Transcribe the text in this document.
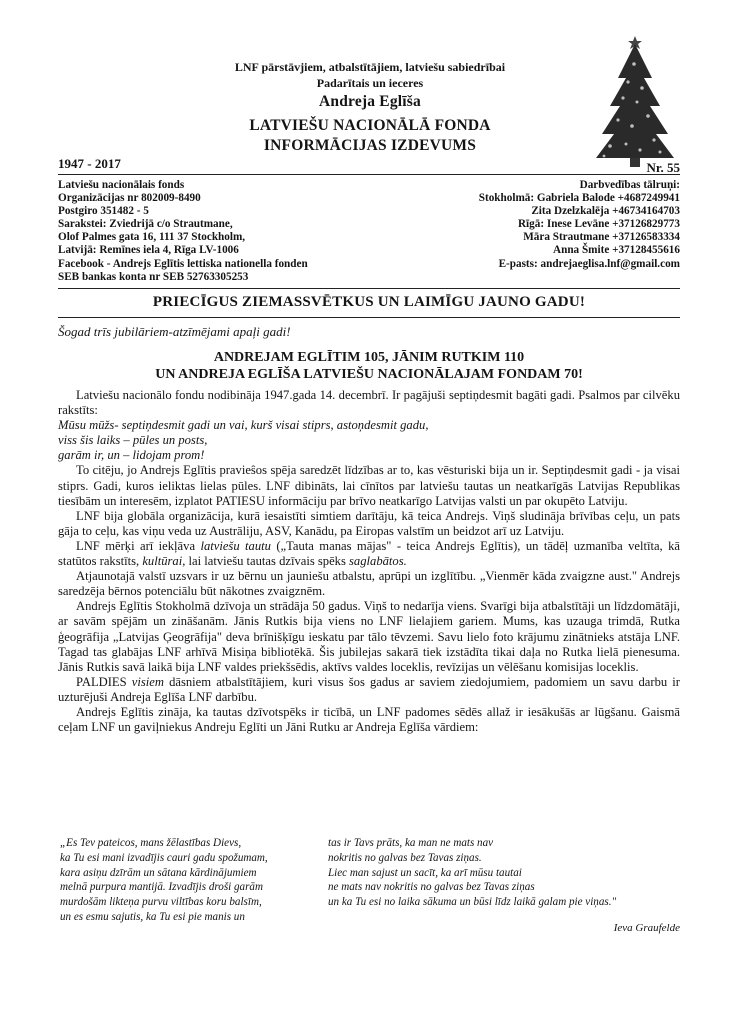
LNF pārstāvjiem, atbalstītājiem, latviešu sabiedrībai
Padarītais un ieceres
Andreja Eglīša
LATVIEŠU NACIONĀLĀ FONDA
INFORMĀCIJAS IZDEVUMS
1947 - 2017	Nr. 55
Latviešu nacionālais fonds
Organizācijas nr 802009-8490
Postgiro 351482 - 5
Sarakstei: Zviedrijā c/o Strautmane,
Olof Palmes gata 16, 111 37 Stockholm,
Latvijā: Remīnes iela 4, Rīga LV-1006
Facebook - Andrejs Eglītis lettiska nationella fonden
SEB bankas konta nr SEB 52763305253
Darbvedības tālruņi:
Stokholmā: Gabriela Balode +4687249941
Zita Dzelzkalēja +46734164703
Rīgā: Inese Levāne +37126829773
Māra Strautmane +37126583334
Anna Šmite +37128455616
E-pasts: andrejaeglisa.lnf@gmail.com
PRIECĪGUS ZIEMASSVĒTKUS UN LAIMĪGU JAUNO GADU!
Šogad trīs jubilāriem-atzīmējami apaļi gadi!
ANDREJAM EGLĪTIM 105, JĀNIM RUTKIM 110
UN ANDREJA EGLĪŠA LATVIEŠU NACIONĀLAJAM FONDAM 70!

Latviešu nacionālo fondu nodibināja 1947.gada 14. decembrī. Ir pagājuši septiņdesmit bagāti gadi. Psalmos par cilvēku rakstīts:

Mūsu mūžs- septiņdesmit gadi un vai, kurš visai stiprs, astoņdesmit gadu,

viss šis laiks – pūles un posts,

garām ir, un – lidojam prom!

To citēju, jo Andrejs Eglītis pravieŝos spēja saredzēt līdzības ar to, kas vēsturiski bija un ir. Septiņdesmit gadi - ja visai stiprs. Gadi, kuros ieliktas lielas pūles. LNF dibināts, lai cīnītos par latviešu tautas un neatkarīgās Latvijas Republikas tiesībām un interesēm, izplatot PATIESU informāciju par brīvo neatkarīgo Latvijas valsti un par okupēto Latviju.

LNF bija globāla organizācija, kurā iesaistīti simtiem darītāju, kā teica Andrejs. Viņš sludināja brīvības ceļu, un pats gāja to ceļu, kas viņu veda uz Austrāliju, ASV, Kanādu, pa Eiropas valstīm un beidzot arī uz Latviju.

LNF mērķi arī iekļāva latviešu tautu („Tauta manas mājas" - teica Andrejs Eglītis), un tādēļ uzmanība veltīta, kā statūtos rakstīts, kultūrai, lai latviešu tautas dzīvais spēks saglabātos.

Atjaunotajā valstī uzsvars ir uz bērnu un jauniešu atbalstu, aprūpi un izglītību. „Vienmēr kāda zvaigzne aust." Andrejs saredzēja bērnos potenciālu būt nākotnes zvaigznēm.

Andrejs Eglītis Stokholmā dzīvoja un strādāja 50 gadus. Viņš to nedarīja viens. Svarīgi bija atbalstītāji un līdzdomātāji, ar savām spējām un zināšanām. Jānis Rutkis bija viens no LNF lielajiem gariem. Mums, kas uzauga trimdā, Rutka ģeogrāfija „Latvijas Ģeogrāfija" deva brīnišķīgu ieskatu par tālo tēvzemi. Savu lielo foto krājumu zinātnieks atstāja LNF. Tagad tas glabājas LNF arhīvā Misiņa bibliotēkā. Šis jubilejas sakarā tiek izstādīta tikai daļa no Rutka lielā pienesuma. Jānis Rutkis savā laikā bija LNF valdes priekšsēdis, aktīvs valdes loceklis, revīzijas un vēlēšanu komisijas loceklis.

PALDIES visiem dāsniem atbalstītājiem, kuri visus šos gadus ar saviem ziedojumiem, padomiem un savu darbu ir uzturējuši Andreja Eglīša LNF darbību.

Andrejs Eglītis zināja, ka tautas dzīvotspēks ir ticībā, un LNF padomes sēdēs allaž ir iesākušās ar lūgšanu. Gaismā ceļam LNF un gaviļniekus Andreju Eglīti un Jāni Rutku ar Andreja Eglīša vārdiem:

„Es Tev pateicos, mans žēlastības Dievs,

ka Tu esi mani izvadījis cauri gadu spožumam,

kara asiņu dzīrām un sātana kārdinājumiem

melnā purpura mantijā. Izvadījis droši garām

murdošām likteņa purvu viltības koru balsīm,

un es esmu sajutis, ka Tu esi pie manis un

tas ir Tavs prāts, ka man ne mats nav

nokritis no galvas bez Tavas ziņas.

Liec man sajust un sacīt, ka arī mūsu tautai

ne mats nav nokritis no galvas bez Tavas ziņas

un ka Tu esi no laika sākuma un būsi līdz laikā galam pie viņas."

Ieva Graufelde
